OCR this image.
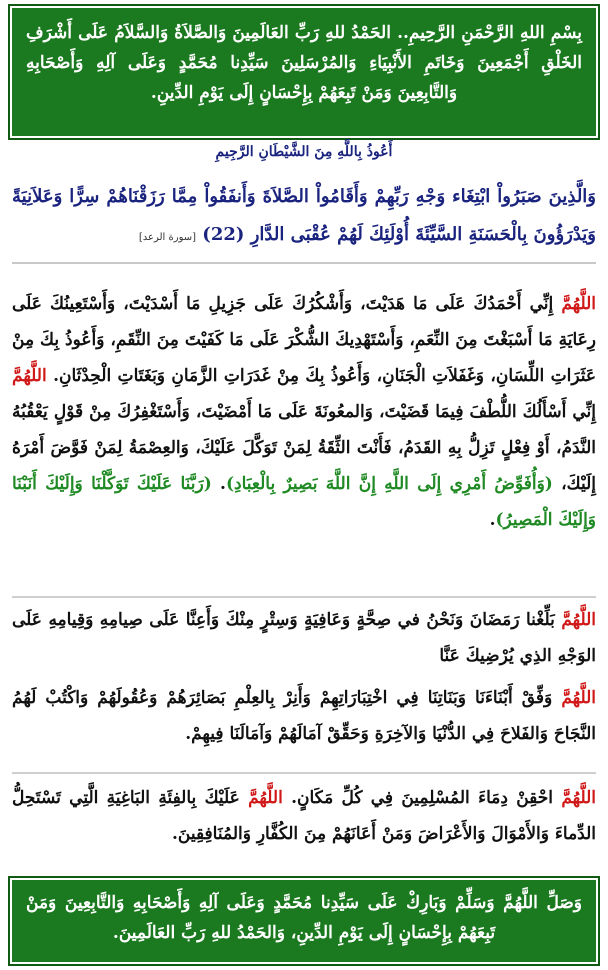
بِسْمِ اللهِ الرَّحْمَنِ الرَّحِيمِ.. الحَمْدُ للهِ رَبِّ العَالَمِينَ وَالصَّلاَةُ وَالسَّلاَمُ عَلَى أَشْرَفِ الخَلْقِ أَجْمَعِينَ وَخَاتَمِ الأَنْبِيَاءِ وَالمُرْسَلِينَ سَيِّدِنا مُحَمَّدٍ وَعَلَى آلِهِ وَأَصْحَابِهِ وَالتَّابِعِينَ وَمَنْ تَبِعَهُمْ بِإِحْسَانٍ إِلَى يَوْمِ الدِّينِ.
أَعُوذُ بِاللَّهِ مِنَ الشَّيْطَانِ الرَّجِيمِ
وَالَّذِينَ صَبَرُواْ ابْتِغَاء وَجْهِ رَبِّهِمْ وَأَقَامُواْ الصَّلاَةَ وَأَنفَقُواْ مِمَّا رَزَقْنَاهُمْ سِرًّا وَعَلاَنِيَةً وَيَدْرَؤُونَ بِالْحَسَنَةِ السَّيِّئَةَ أُوْلَئِكَ لَهُمْ عُقْبَى الدَّارِ (22) [سورة الرعد]
اللَّهُمَّ إِنِّي أَحْمَدُكَ عَلَى مَا هَدَيْتَ، وَأَشْكُرُكَ عَلَى جَزِيلِ مَا أَسْدَيْتَ، وَأَسْتَعِينُكَ عَلَى رِعَايَةِ مَا أَسْبَغْتَ مِنَ النِّعَمِ، وَأَسْتَهْدِيكَ الشُّكْرَ عَلَى مَا كَفَيْتَ مِنَ النِّقَمِ، وَأَعُوذُ بِكَ مِنْ عَثَرَاتِ اللِّسَانِ، وَغَفَلاَتِ الْجَنَانِ، وَأَعُوذُ بِكَ مِنْ غَدَرَاتِ الزَّمَانِ وَبَغَتَاتِ الْحِدْثَانِ. اللَّهُمَّ إِنِّي أَسْأَلُكَ اللُّطْفَ فِيمَا قَضَيْتَ، وَالمعُونَةَ عَلَى مَا أَمْضَيْتَ، وَأَسْتَغْفِرُكَ مِنْ قَوْلٍ يَعْقُبُهُ النَّدَمُ، أَوْ فِعْلٍ تَزِلُّ بِهِ القَدَمُ، فَأَنْتَ الثِّقَةُ لِمَنْ تَوَكَّلَ عَلَيْكَ، وَالعِصْمَةُ لِمَنْ فَوَّضَ أَمْرَهُ إِلَيْكَ، (وَأُفَوِّضُ أَمْرِي إِلَى اللَّهِ إِنَّ اللَّهَ بَصِيرٌ بِالْعِبَادِ). (رَبَّنَا عَلَيْكَ تَوَكَّلْنَا وَإِلَيْكَ أَنَبْنَا وَإِلَيْكَ الْمَصِيرُ).
اللَّهُمَّ بَلِّغْنا رَمَضَانَ وَنَحْنُ في صِحَّةٍ وَعَافِيَةٍ وَسِتْرٍ مِنْكَ وَأَعِنَّا عَلَى صِيامِهِ وَقِيامِهِ عَلَى الوَجْهِ الذِي يُرْضِيكَ عَنَّا
اللَّهُمَّ وَفِّقْ أَبْنَاءَنَا وَبَنَاتِنَا فِي اخْتِبَارَاتِهِمْ وَأَنِرْ بِالعِلْمِ بَصَائِرَهُمْ وَعُقُولَهُمْ وَاكْتُبْ لَهُمُ النَّجَاحَ وَالفَلاحَ فِي الدُّنْيَا وَالآخِرَةِ وَحَقِّقْ آمَالَهُمْ وَآمَالَنَا فِيهِمْ.
اللَّهُمَّ احْقِنْ دِمَاءَ المُسْلِمِينَ فِي كُلِّ مَكَانٍ. اللَّهُمَّ عَلَيْكَ بِالفِئَةِ البَاغِيَةِ الَّتِي تَسْتَحِلُّ الدِّماءَ وَالأَمْوَالَ وَالأَعْرَاضَ وَمَنْ أَعَانَهُمْ مِنَ الكُفَّارِ وَالمُنَافِقِينَ.
وَصَلِّ اللَّهُمَّ وَسَلِّمْ وَبَارِكْ عَلَى سَيِّدِنا مُحَمَّدٍ وَعَلَى آلِهِ وَأَصْحَابِهِ وَالتَّابِعِينَ وَمَنْ تَبِعَهُمْ بِإِحْسَانٍ إِلَى يَوْمِ الدِّينِ، وَالحَمْدُ للهِ رَبِّ العَالَمِينَ.
